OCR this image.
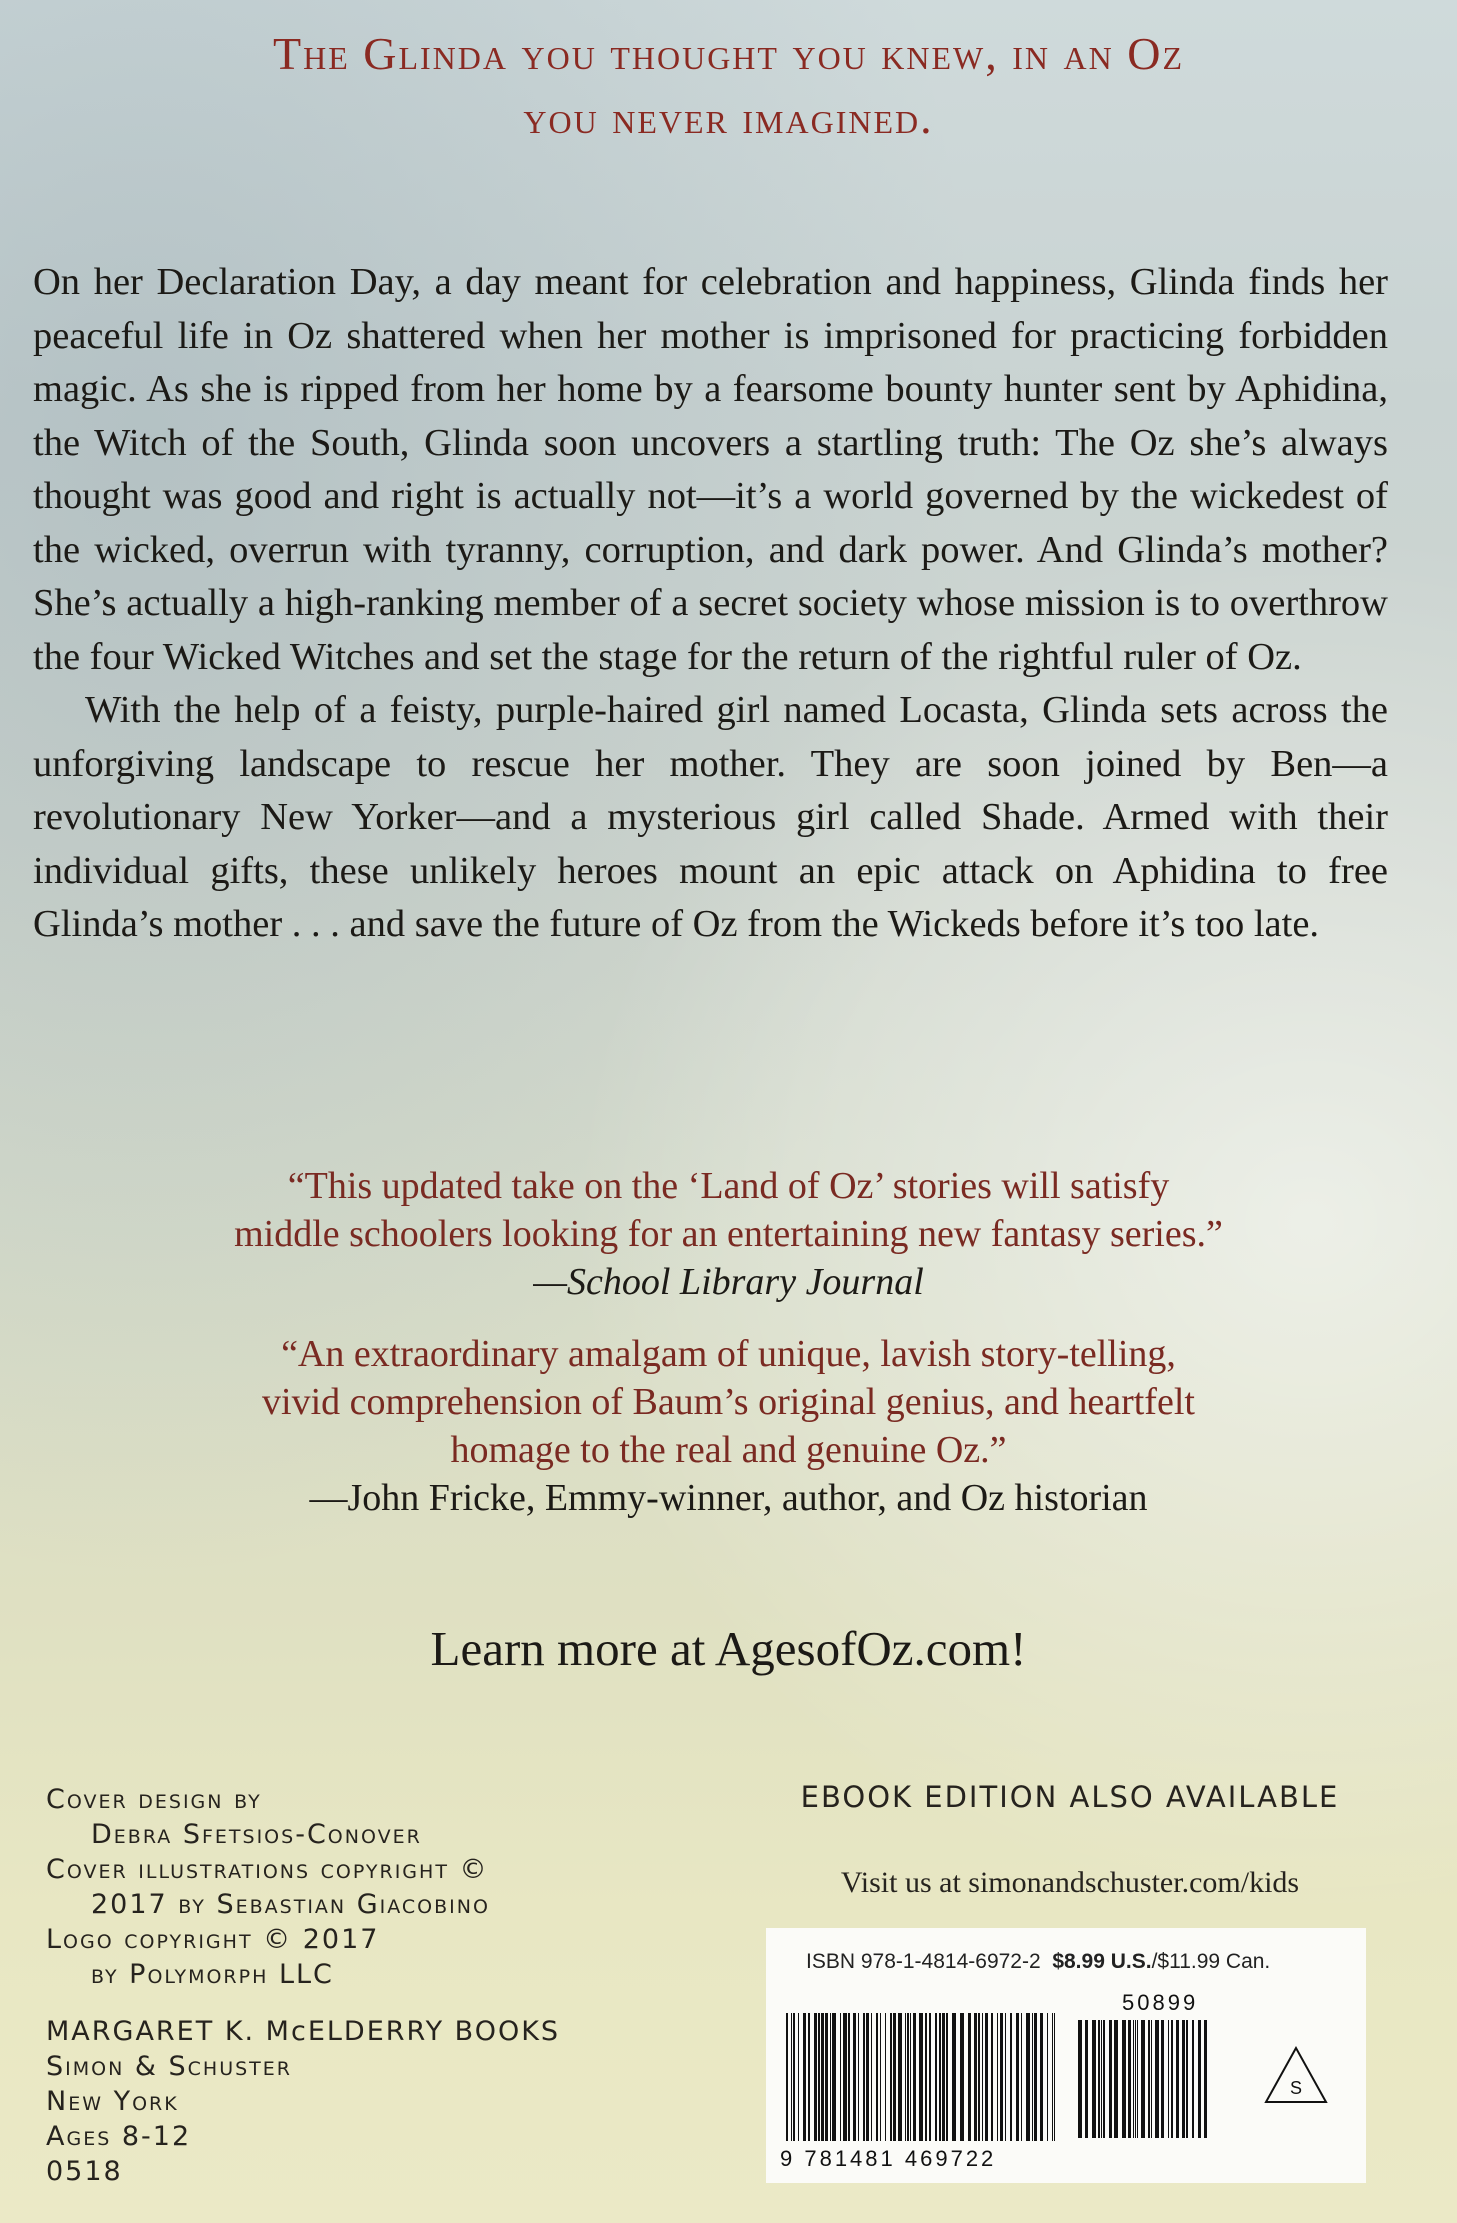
The Glinda you thought you knew, in an Oz
you never imagined.

On her Declaration Day, a day meant for celebration and happiness, Glinda finds her peaceful life in Oz shattered when her mother is imprisoned for practicing forbidden magic. As she is ripped from her home by a fearsome bounty hunter sent by Aphidina, the Witch of the South, Glinda soon uncovers a startling truth: The Oz she’s always thought was good and right is actually not—it’s a world governed by the wickedest of the wicked, overrun with tyranny, corruption, and dark power. And Glinda’s mother? She’s actually a high-ranking member of a secret society whose mission is to overthrow the four Wicked Witches and set the stage for the return of the rightful ruler of Oz.

With the help of a feisty, purple-haired girl named Locasta, Glinda sets across the unforgiving landscape to rescue her mother. They are soon joined by Ben—a revolutionary New Yorker—and a mysterious girl called Shade. Armed with their individual gifts, these unlikely heroes mount an epic attack on Aphidina to free Glinda’s mother . . . and save the future of Oz from the Wickeds before it’s too late.

“This updated take on the ‘Land of Oz’ stories will satisfy
middle schoolers looking for an entertaining new fantasy series.”
—School Library Journal
“An extraordinary amalgam of unique, lavish story-telling,
vivid comprehension of Baum’s original genius, and heartfelt
homage to the real and genuine Oz.”
—John Fricke, Emmy-winner, author, and Oz historian
Learn more at AgesofOz.com!
Cover design by
Debra Sfetsios-Conover
Cover illustrations copyright ©
2017 by Sebastian Giacobino
Logo copyright © 2017
by Polymorph LLC
MARGARET K. McELDERRY BOOKS
Simon & Schuster
New York
Ages 8-12
0518
EBOOK EDITION ALSO AVAILABLE
Visit us at simonandschuster.com/kids
ISBN 978-1-4814-6972-2 $8.99 U.S./$11.99 Can.
50899
S
9 781481 469722
